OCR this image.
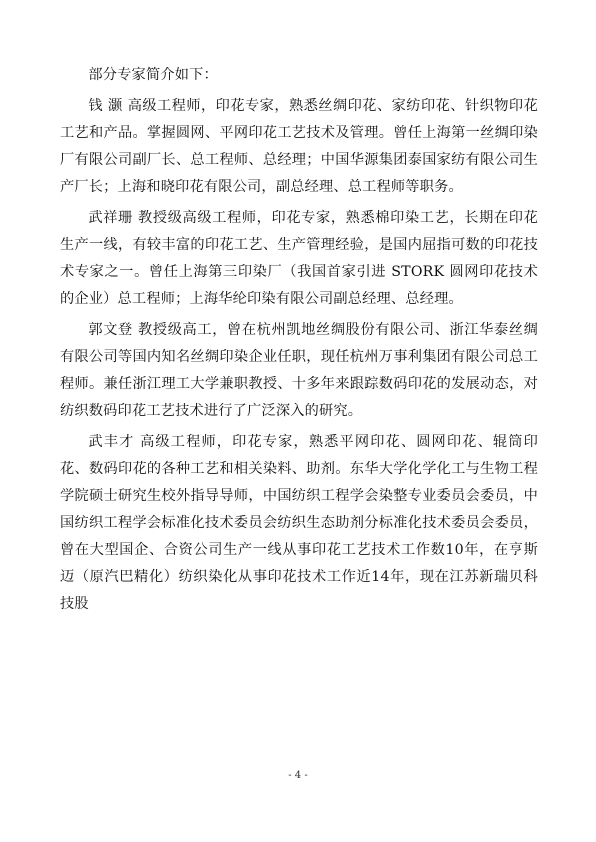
部分专家简介如下：

钱 灏 高级工程师，印花专家，熟悉丝绸印花、家纺印花、针织物印花工艺和产品。掌握圆网、平网印花工艺技术及管理。曾任上海第一丝绸印染厂有限公司副厂长、总工程师、总经理；中国华源集团泰国家纺有限公司生产厂长；上海和晓印花有限公司，副总经理、总工程师等职务。

武祥珊 教授级高级工程师，印花专家，熟悉棉印染工艺，长期在印花生产一线，有较丰富的印花工艺、生产管理经验，是国内屈指可数的印花技术专家之一。曾任上海第三印染厂（我国首家引进 STORK 圆网印花技术的企业）总工程师；上海华纶印染有限公司副总经理、总经理。

郭文登 教授级高工，曾在杭州凯地丝绸股份有限公司、浙江华泰丝绸有限公司等国内知名丝绸印染企业任职，现任杭州万事利集团有限公司总工程师。兼任浙江理工大学兼职教授、十多年来跟踪数码印花的发展动态，对纺织数码印花工艺技术进行了广泛深入的研究。

武丰才 高级工程师，印花专家，熟悉平网印花、圆网印花、辊筒印花、数码印花的各种工艺和相关染料、助剂。东华大学化学化工与生物工程学院硕士研究生校外指导导师，中国纺织工程学会染整专业委员会委员，中国纺织工程学会标准化技术委员会纺织生态助剂分标准化技术委员会委员，曾在大型国企、合资公司生产一线从事印花工艺技术工作数10年，在亨斯迈（原汽巴精化）纺织染化从事印花技术工作近14年，现在江苏新瑞贝科技股

- 4 -
